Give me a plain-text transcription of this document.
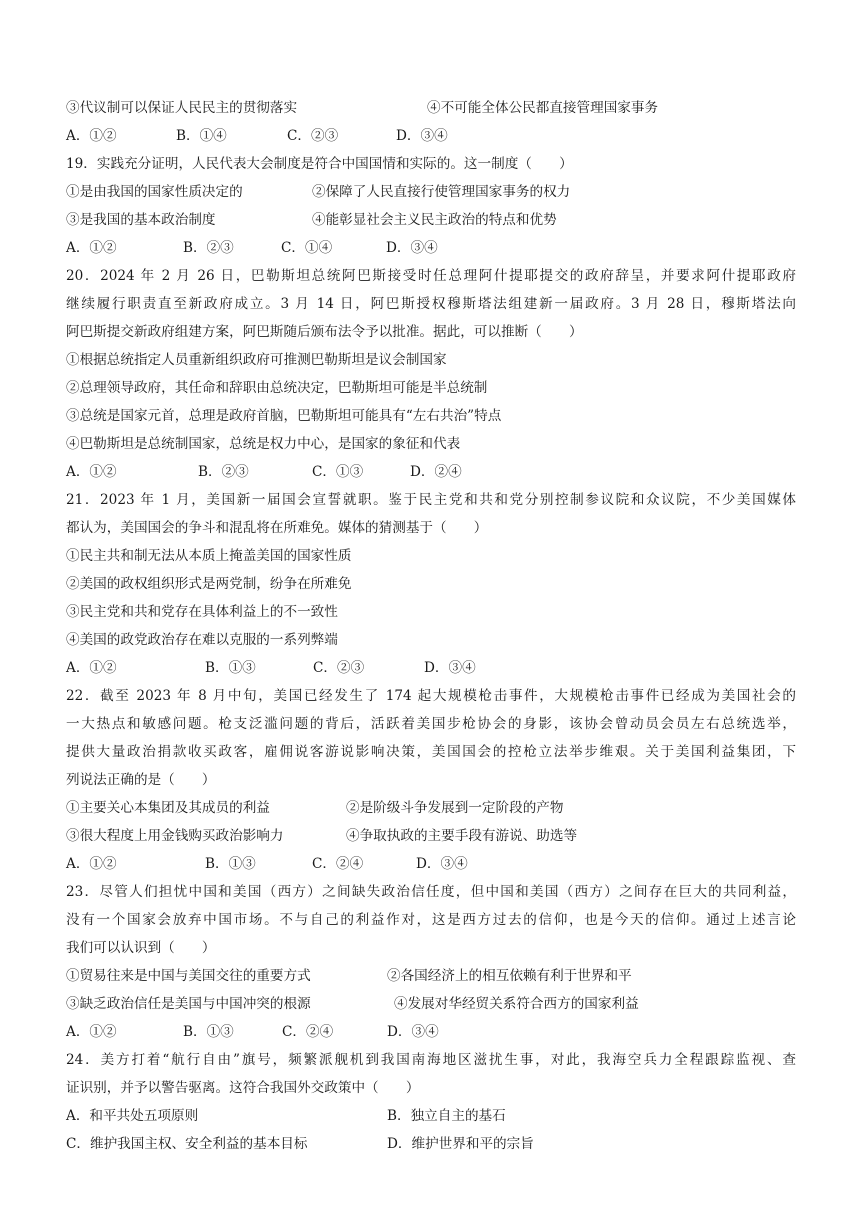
③代议制可以保证人民民主的贯彻落实	④不可能全体公民都直接管理国家事务
A．①②	B．①④	C．②③	D．③④
19．实践充分证明，人民代表大会制度是符合中国国情和实际的。这一制度（　　）
①是由我国的国家性质决定的	②保障了人民直接行使管理国家事务的权力
③是我国的基本政治制度	④能彰显社会主义民主政治的特点和优势
A．①②	B．②③	C．①④	D．③④
20．2024 年 2 月 26 日，巴勒斯坦总统阿巴斯接受时任总理阿什提耶提交的政府辞呈，并要求阿什提耶政府
继续履行职责直至新政府成立。3 月 14 日，阿巴斯授权穆斯塔法组建新一届政府。3 月 28 日，穆斯塔法向
阿巴斯提交新政府组建方案，阿巴斯随后颁布法令予以批准。据此，可以推断（　　）
①根据总统指定人员重新组织政府可推测巴勒斯坦是议会制国家
②总理领导政府，其任命和辞职由总统决定，巴勒斯坦可能是半总统制
③总统是国家元首，总理是政府首脑，巴勒斯坦可能具有“左右共治”特点
④巴勒斯坦是总统制国家，总统是权力中心，是国家的象征和代表
A．①②	B．②③	C．①③	D．②④
21．2023 年 1 月，美国新一届国会宣誓就职。鉴于民主党和共和党分别控制参议院和众议院，不少美国媒体
都认为，美国国会的争斗和混乱将在所难免。媒体的猜测基于（　　）
①民主共和制无法从本质上掩盖美国的国家性质
②美国的政权组织形式是两党制，纷争在所难免
③民主党和共和党存在具体利益上的不一致性
④美国的政党政治存在难以克服的一系列弊端
A．①②	B．①③	C．②③	D．③④
22．截至 2023 年 8 月中旬，美国已经发生了 174 起大规模枪击事件，大规模枪击事件已经成为美国社会的
一大热点和敏感问题。枪支泛滥问题的背后，活跃着美国步枪协会的身影，该协会曾动员会员左右总统选举，
提供大量政治捐款收买政客，雇佣说客游说影响决策，美国国会的控枪立法举步维艰。关于美国利益集团，下
列说法正确的是（　　）
①主要关心本集团及其成员的利益	②是阶级斗争发展到一定阶段的产物
③很大程度上用金钱购买政治影响力	④争取执政的主要手段有游说、助选等
A．①②	B．①③	C．②④	D．③④
23．尽管人们担忧中国和美国（西方）之间缺失政治信任度，但中国和美国（西方）之间存在巨大的共同利益，
没有一个国家会放弃中国市场。不与自己的利益作对，这是西方过去的信仰，也是今天的信仰。通过上述言论
我们可以认识到（　　）
①贸易往来是中国与美国交往的重要方式	②各国经济上的相互依赖有利于世界和平
③缺乏政治信任是美国与中国冲突的根源	④发展对华经贸关系符合西方的国家利益
A．①②	B．①③	C．②④	D．③④
24．美方打着“航行自由”旗号，频繁派舰机到我国南海地区滋扰生事，对此，我海空兵力全程跟踪监视、查
证识别，并予以警告驱离。这符合我国外交政策中（　　）
A．和平共处五项原则	B．独立自主的基石
C．维护我国主权、安全利益的基本目标	D．维护世界和平的宗旨
